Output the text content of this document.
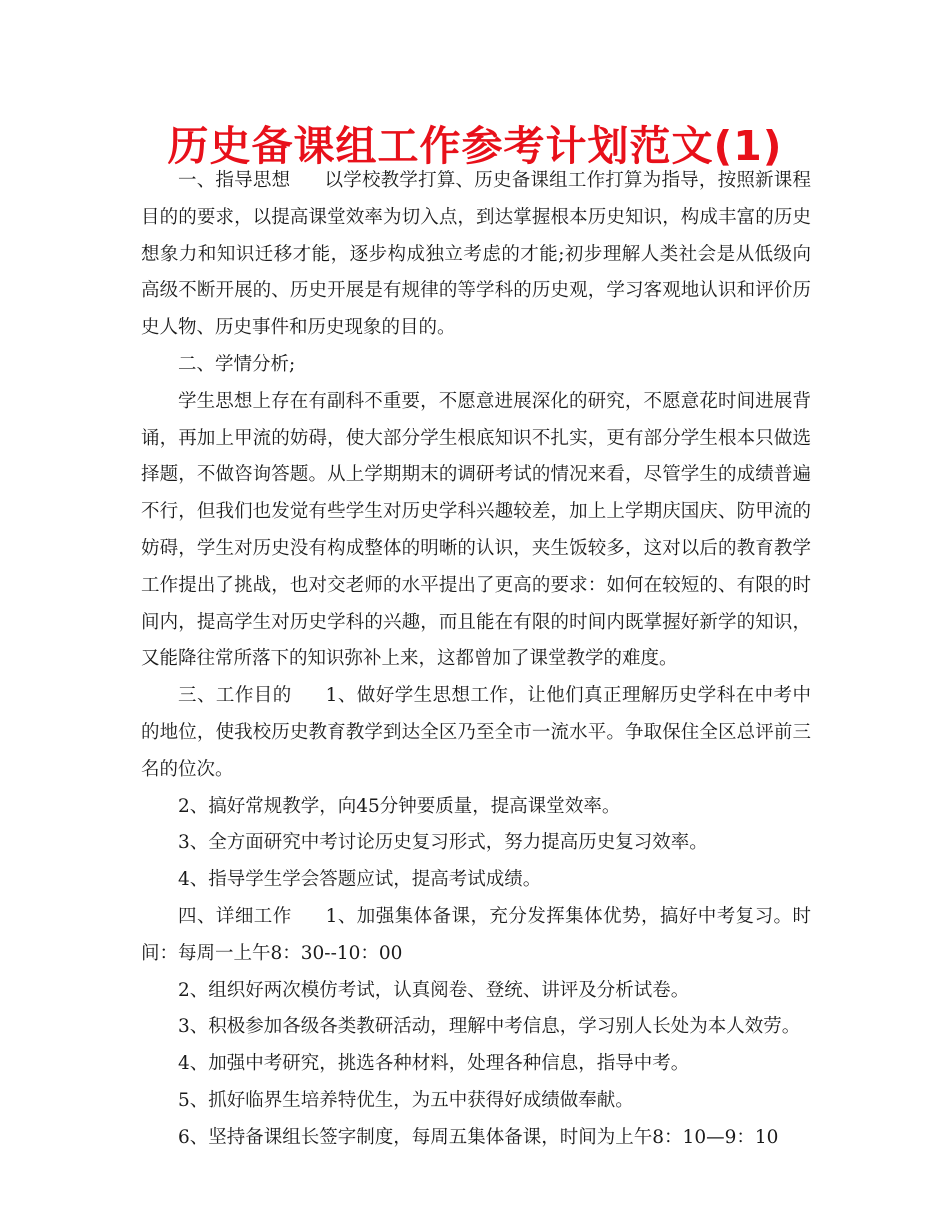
历史备课组工作参考计划范文(1)

一、指导思想 以学校教学打算、历史备课组工作打算为指导，按照新课程目的的要求，以提高课堂效率为切入点，到达掌握根本历史知识，构成丰富的历史想象力和知识迁移才能，逐步构成独立考虑的才能;初步理解人类社会是从低级向高级不断开展的、历史开展是有规律的等学科的历史观，学习客观地认识和评价历史人物、历史事件和历史现象的目的。

二、学情分析;

学生思想上存在有副科不重要，不愿意进展深化的研究，不愿意花时间进展背诵，再加上甲流的妨碍，使大部分学生根底知识不扎实，更有部分学生根本只做选择题，不做咨询答题。从上学期期末的调研考试的情况来看，尽管学生的成绩普遍不行，但我们也发觉有些学生对历史学科兴趣较差，加上上学期庆国庆、防甲流的妨碍，学生对历史没有构成整体的明晰的认识，夹生饭较多，这对以后的教育教学工作提出了挑战，也对交老师的水平提出了更高的要求：如何在较短的、有限的时间内，提高学生对历史学科的兴趣，而且能在有限的时间内既掌握好新学的知识，又能降往常所落下的知识弥补上来，这都曾加了课堂教学的难度。

三、工作目的 1、做好学生思想工作，让他们真正理解历史学科在中考中的地位，使我校历史教育教学到达全区乃至全市一流水平。争取保住全区总评前三名的位次。

2、搞好常规教学，向45分钟要质量，提高课堂效率。

3、全方面研究中考讨论历史复习形式，努力提高历史复习效率。

4、指导学生学会答题应试，提高考试成绩。

四、详细工作 1、加强集体备课，充分发挥集体优势，搞好中考复习。时间：每周一上午8：30--10：00

2、组织好两次模仿考试，认真阅卷、登统、讲评及分析试卷。

3、积极参加各级各类教研活动，理解中考信息，学习别人长处为本人效劳。

4、加强中考研究，挑选各种材料，处理各种信息，指导中考。

5、抓好临界生培养特优生，为五中获得好成绩做奉献。

6、坚持备课组长签字制度，每周五集体备课，时间为上午8：10—9：10
